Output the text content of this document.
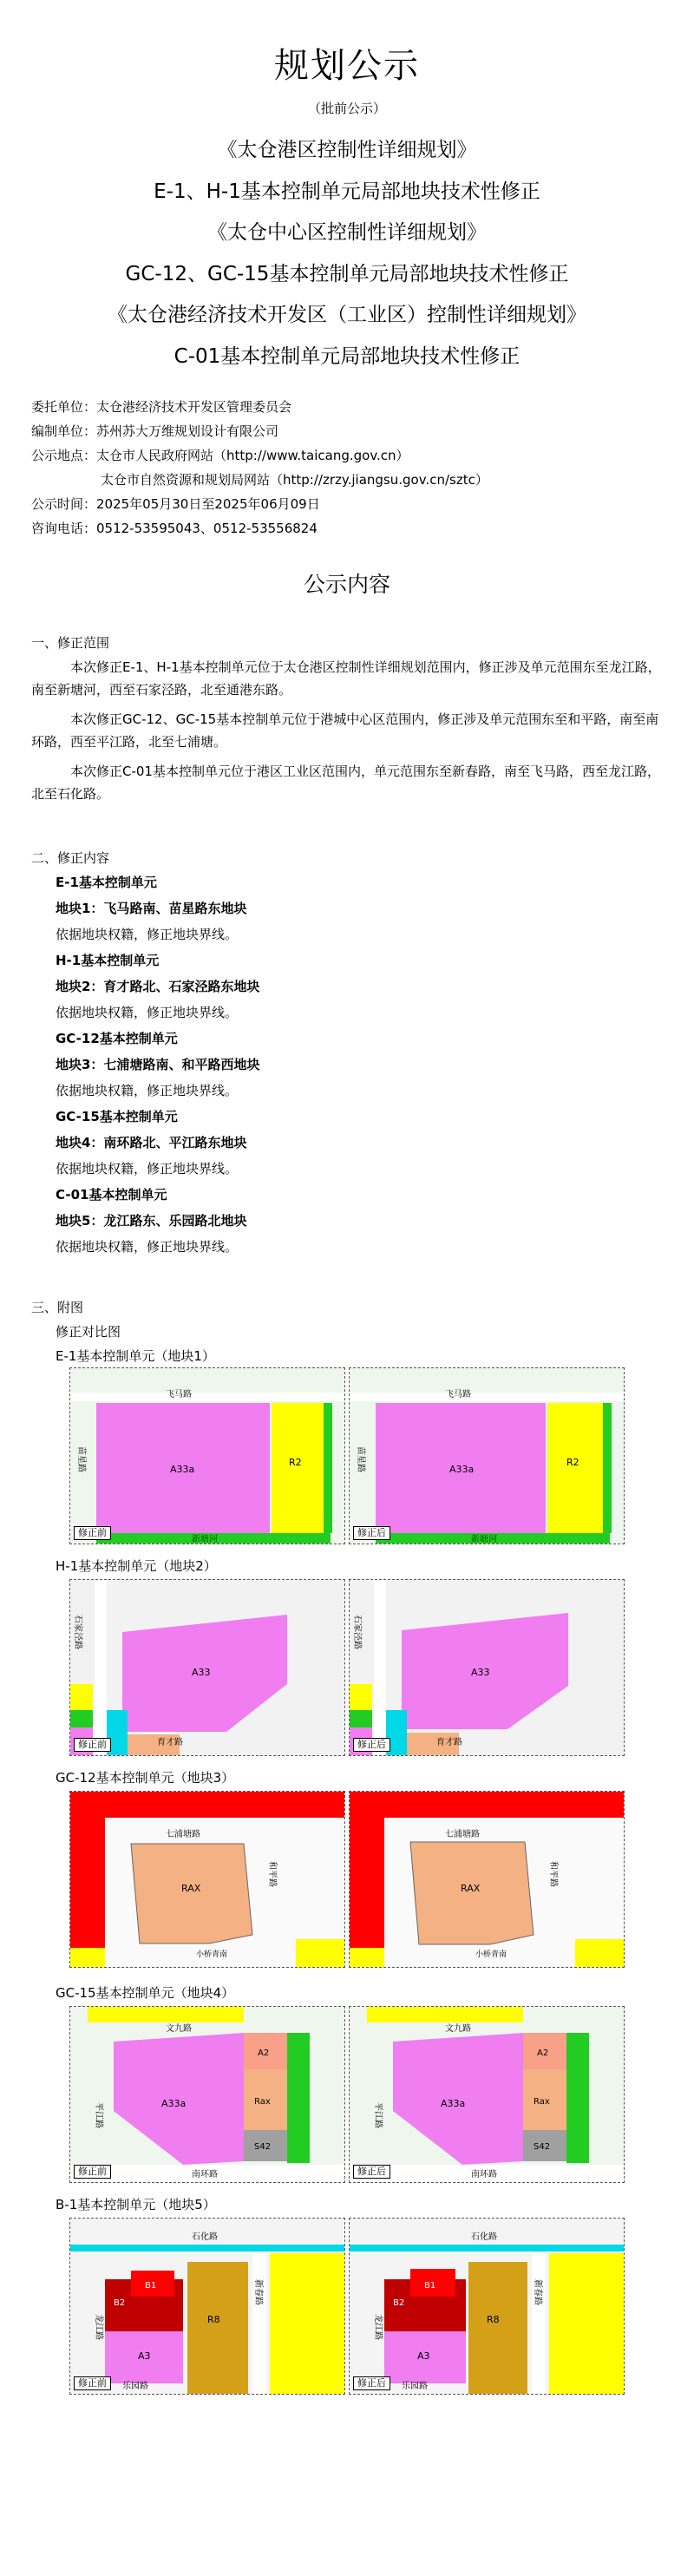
规划公示
（批前公示）
《太仓港区控制性详细规划》
E-1、H-1基本控制单元局部地块技术性修正
《太仓中心区控制性详细规划》
GC-12、GC-15基本控制单元局部地块技术性修正
《太仓港经济技术开发区（工业区）控制性详细规划》
C-01基本控制单元局部地块技术性修正
委托单位：太仓港经济技术开发区管理委员会
编制单位：苏州苏大万维规划设计有限公司
公示地点：太仓市人民政府网站（http://www.taicang.gov.cn）
太仓市自然资源和规划局网站（http://zrzy.jiangsu.gov.cn/sztc）
公示时间：2025年05月30日至2025年06月09日
咨询电话：0512-53595043、0512-53556824
公示内容
一、修正范围

本次修正E-1、H-1基本控制单元位于太仓港区控制性详细规划范围内，修正涉及单元范围东至龙江路，南至新塘河，西至石家泾路，北至通港东路。

本次修正GC-12、GC-15基本控制单元位于港城中心区范围内，修正涉及单元范围东至和平路，南至南环路，西至平江路，北至七浦塘。

本次修正C-01基本控制单元位于港区工业区范围内，单元范围东至新春路，南至飞马路，西至龙江路，北至石化路。

二、修正内容
E-1基本控制单元
地块1：飞马路南、苗星路东地块
依据地块权籍，修正地块界线。
H-1基本控制单元
地块2：育才路北、石家泾路东地块
依据地块权籍，修正地块界线。
GC-12基本控制单元
地块3：七浦塘路南、和平路西地块
依据地块权籍，修正地块界线。
GC-15基本控制单元
地块4：南环路北、平江路东地块
依据地块权籍，修正地块界线。
C-01基本控制单元
地块5：龙江路东、乐园路北地块
依据地块权籍，修正地块界线。
三、附图
修正对比图
E-1基本控制单元（地块1）
飞马路
苗星路
新塘河
A33a
R2
修正前
飞马路
苗星路
新塘河
A33a
R2
修正后
H-1基本控制单元（地块2）
石家泾路
育才路
A33
修正前
石家泾路
育才路
A33
修正后
GC-12基本控制单元（地块3）
七浦塘路
和平路
小桥青南
RAX
七浦塘路
和平路
小桥青南
RAX
GC-15基本控制单元（地块4）
文九路
平江路
南环路
A33a
A2
Rax
S42
修正前
文九路
平江路
南环路
A33a
A2
Rax
S42
修正后
B-1基本控制单元（地块5）
石化路
龙江路
乐园路
新春路
A3
R8
B2
B1
修正前
石化路
龙江路
乐园路
新春路
A3
R8
B2
B1
修正后
